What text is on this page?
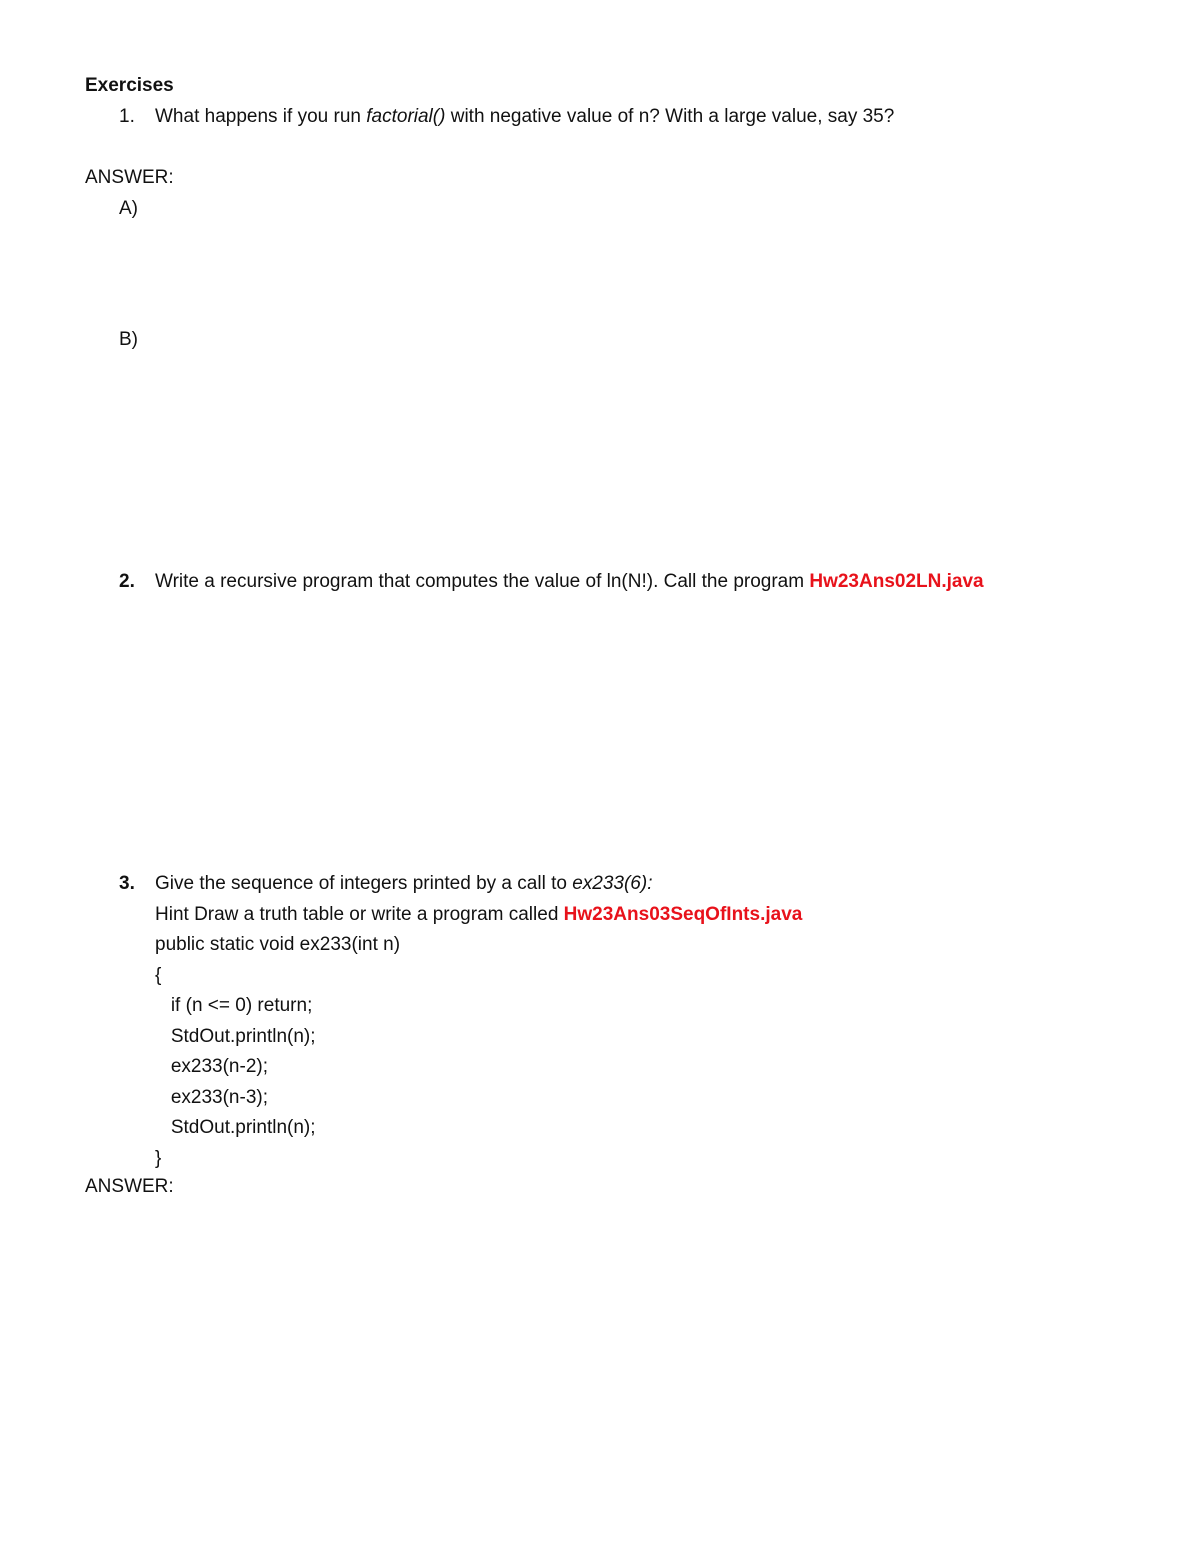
Exercises
1. What happens if you run factorial() with negative value of n? With a large value, say 35?
ANSWER:
A)
B)
2. Write a recursive program that computes the value of ln(N!). Call the program Hw23Ans02LN.java
3. Give the sequence of integers printed by a call to ex233(6):
Hint Draw a truth table or write a program called Hw23Ans03SeqOfInts.java
public static void ex233(int n)
{
if (n <= 0) return;
StdOut.println(n);
ex233(n-2);
ex233(n-3);
StdOut.println(n);
}
ANSWER:
